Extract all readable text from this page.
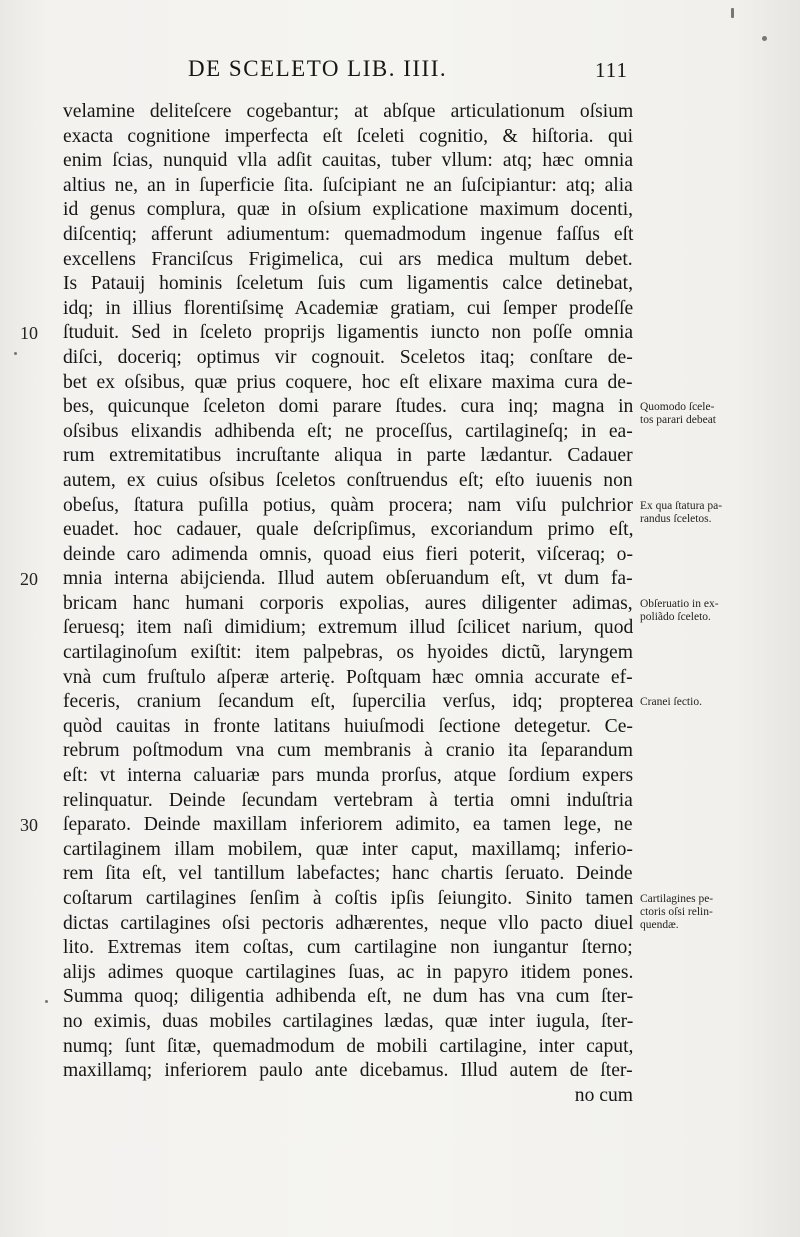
DE SCELETO LIB. IIII.	111
velamine deliteſcere cogebantur; at abſque articulationum oſsium
exacta cognitione imperfecta eſt ſceleti cognitio, & hiſtoria. qui
enim ſcias, nunquid vlla adſit cauitas, tuber vllum: atq; hæc omnia
altius ne, an in ſuperficie ſita. ſuſcipiant ne an ſuſcipiantur: atq; alia
id genus complura, quæ in oſsium explicatione maximum docenti,
diſcentiq; afferunt adiumentum: quemadmodum ingenue faſſus eſt
excellens Franciſcus Frigimelica, cui ars medica multum debet.
Is Patauij hominis ſceletum ſuis cum ligamentis calce detinebat,
idq; in illius florentiſsimę Academiæ gratiam, cui ſemper prodeſſe
ſtuduit. Sed in ſceleto proprijs ligamentis iuncto non poſſe omnia
diſci, doceriq; optimus vir cognouit. Sceletos itaq; conſtare de-
bet ex oſsibus, quæ prius coquere, hoc eſt elixare maxima cura de-
bes, quicunque ſceleton domi parare ſtudes. cura inq; magna in
oſsibus elixandis adhibenda eſt; ne proceſſus, cartilagineſq; in ea-
rum extremitatibus incruſtante aliqua in parte lædantur. Cadauer
autem, ex cuius oſsibus ſceletos conſtruendus eſt; eſto iuuenis non
obeſus, ſtatura puſilla potius, quàm procera; nam viſu pulchrior
euadet. hoc cadauer, quale deſcripſimus, excoriandum primo eſt,
deinde caro adimenda omnis, quoad eius fieri poterit, viſceraq; o-
mnia interna abijcienda. Illud autem obſeruandum eſt, vt dum fa-
bricam hanc humani corporis expolias, aures diligenter adimas,
ſeruesq; item naſi dimidium; extremum illud ſcilicet narium, quod
cartilaginoſum exiſtit: item palpebras, os hyoides dictũ, laryngem
vnà cum fruſtulo aſperæ arterię. Poſtquam hæc omnia accurate ef-
feceris, cranium ſecandum eſt, ſupercilia verſus, idq; propterea
quòd cauitas in fronte latitans huiuſmodi ſectione detegetur. Ce-
rebrum poſtmodum vna cum membranis à cranio ita ſeparandum
eſt: vt interna caluariæ pars munda prorſus, atque ſordium expers
relinquatur. Deinde ſecundam vertebram à tertia omni induſtria
ſeparato. Deinde maxillam inferiorem adimito, ea tamen lege, ne
cartilaginem illam mobilem, quæ inter caput, maxillamq; inferio-
rem ſita eſt, vel tantillum labefactes; hanc chartis ſeruato. Deinde
coſtarum cartilagines ſenſim à coſtis ipſis ſeiungito. Sinito tamen
dictas cartilagines oſsi pectoris adhærentes, neque vllo pacto diuel
lito. Extremas item coſtas, cum cartilagine non iungantur ſterno;
alijs adimes quoque cartilagines ſuas, ac in papyro itidem pones.
Summa quoq; diligentia adhibenda eſt, ne dum has vna cum ſter-
no eximis, duas mobiles cartilagines lædas, quæ inter iugula, ſter-
numq; ſunt ſitæ, quemadmodum de mobili cartilagine, inter caput,
maxillamq; inferiorem paulo ante dicebamus. Illud autem de ſter-
no cum
10
20
30
Quomodo ſcele-
tos parari debeat
Ex qua ſtatura pa-
randus ſceletos.
Obſeruatio in ex-
poliãdo ſceleto.
Cranei ſectio.
Cartilagines pe-
ctoris oſsi relin-
quendæ.
